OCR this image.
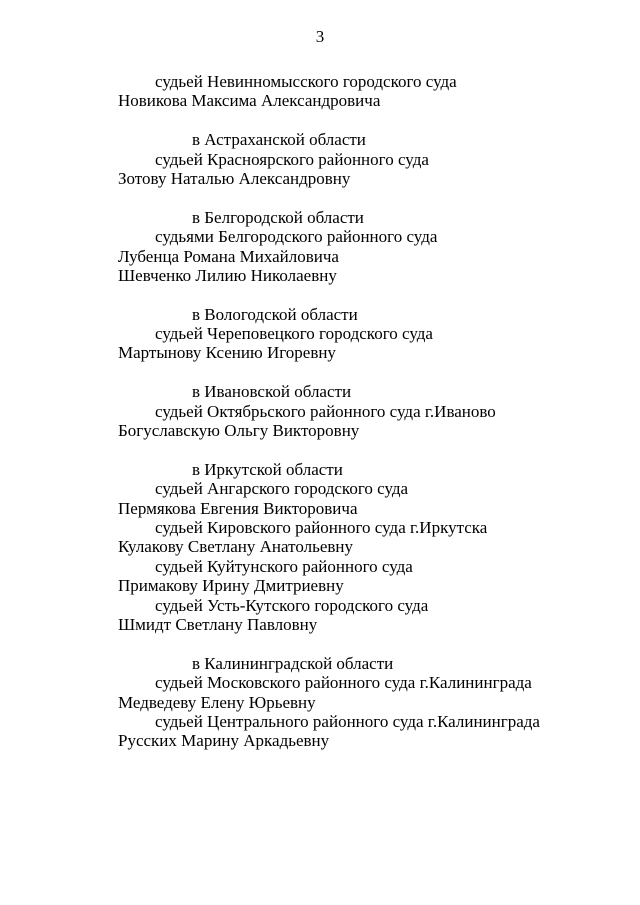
3
судьей Невинномысского городского суда
Новикова Максима Александровича
в Астраханской области
судьей Красноярского районного суда
Зотову Наталью Александровну
в Белгородской области
судьями Белгородского районного суда
Лубенца Романа Михайловича
Шевченко Лилию Николаевну
в Вологодской области
судьей Череповецкого городского суда
Мартынову Ксению Игоревну
в Ивановской области
судьей Октябрьского районного суда г.Иваново
Богуславскую Ольгу Викторовну
в Иркутской области
судьей Ангарского городского суда
Пермякова Евгения Викторовича
судьей Кировского районного суда г.Иркутска
Кулакову Светлану Анатольевну
судьей Куйтунского районного суда
Примакову Ирину Дмитриевну
судьей Усть-Кутского городского суда
Шмидт Светлану Павловну
в Калининградской области
судьей Московского районного суда г.Калининграда
Медведеву Елену Юрьевну
судьей Центрального районного суда г.Калининграда
Русских Марину Аркадьевну
